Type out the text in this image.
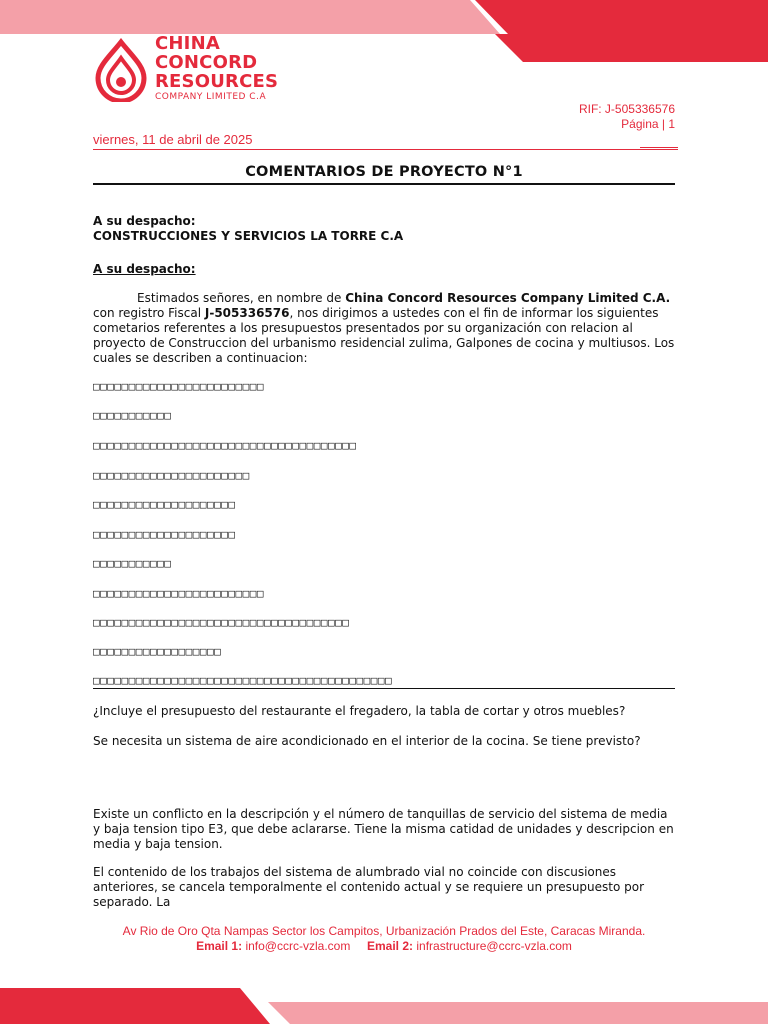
CHINA
CONCORD
RESOURCES
COMPANY LIMITED C.A
RIF: J-505336576
Página | 1
viernes, 11 de abril de 2025
COMENTARIOS DE PROYECTO N°1
A su despacho:
CONSTRUCCIONES Y SERVICIOS LA TORRE C.A
A su despacho:
Estimados señores, en nombre de China Concord Resources Company Limited C.A. con registro Fiscal J-505336576, nos dirigimos a ustedes con el fin de informar los siguientes cometarios referentes a los presupuestos presentados por su organización con relacion al proyecto de Construccion del urbanismo residencial zulima, Galpones de cocina y multiusos. Los cuales se describen a continuacion:
□□□□□□□□□□□□□□□□□□□□□□□□
□□□□□□□□□□□
□□□□□□□□□□□□□□□□□□□□□□□□□□□□□□□□□□□□□
□□□□□□□□□□□□□□□□□□□□□□
□□□□□□□□□□□□□□□□□□□□
□□□□□□□□□□□□□□□□□□□□
□□□□□□□□□□□
□□□□□□□□□□□□□□□□□□□□□□□□
□□□□□□□□□□□□□□□□□□□□□□□□□□□□□□□□□□□□
□□□□□□□□□□□□□□□□□□
□□□□□□□□□□□□□□□□□□□□□□□□□□□□□□□□□□□□□□□□□□
¿Incluye el presupuesto del restaurante el fregadero, la tabla de cortar y otros muebles?
Se necesita un sistema de aire acondicionado en el interior de la cocina. Se tiene previsto?
Existe un conflicto en la descripción y el número de tanquillas de servicio del sistema de media y baja tension tipo E3, que debe aclararse. Tiene la misma catidad de unidades y descripcion en media y baja tension.
El contenido de los trabajos del sistema de alumbrado vial no coincide con discusiones anteriores, se cancela temporalmente el contenido actual y se requiere un presupuesto por separado. La
Av Rio de Oro Qta Nampas Sector los Campitos, Urbanización Prados del Este, Caracas Miranda.
Email 1: info@ccrc-vzla.com Email 2: infrastructure@ccrc-vzla.com
